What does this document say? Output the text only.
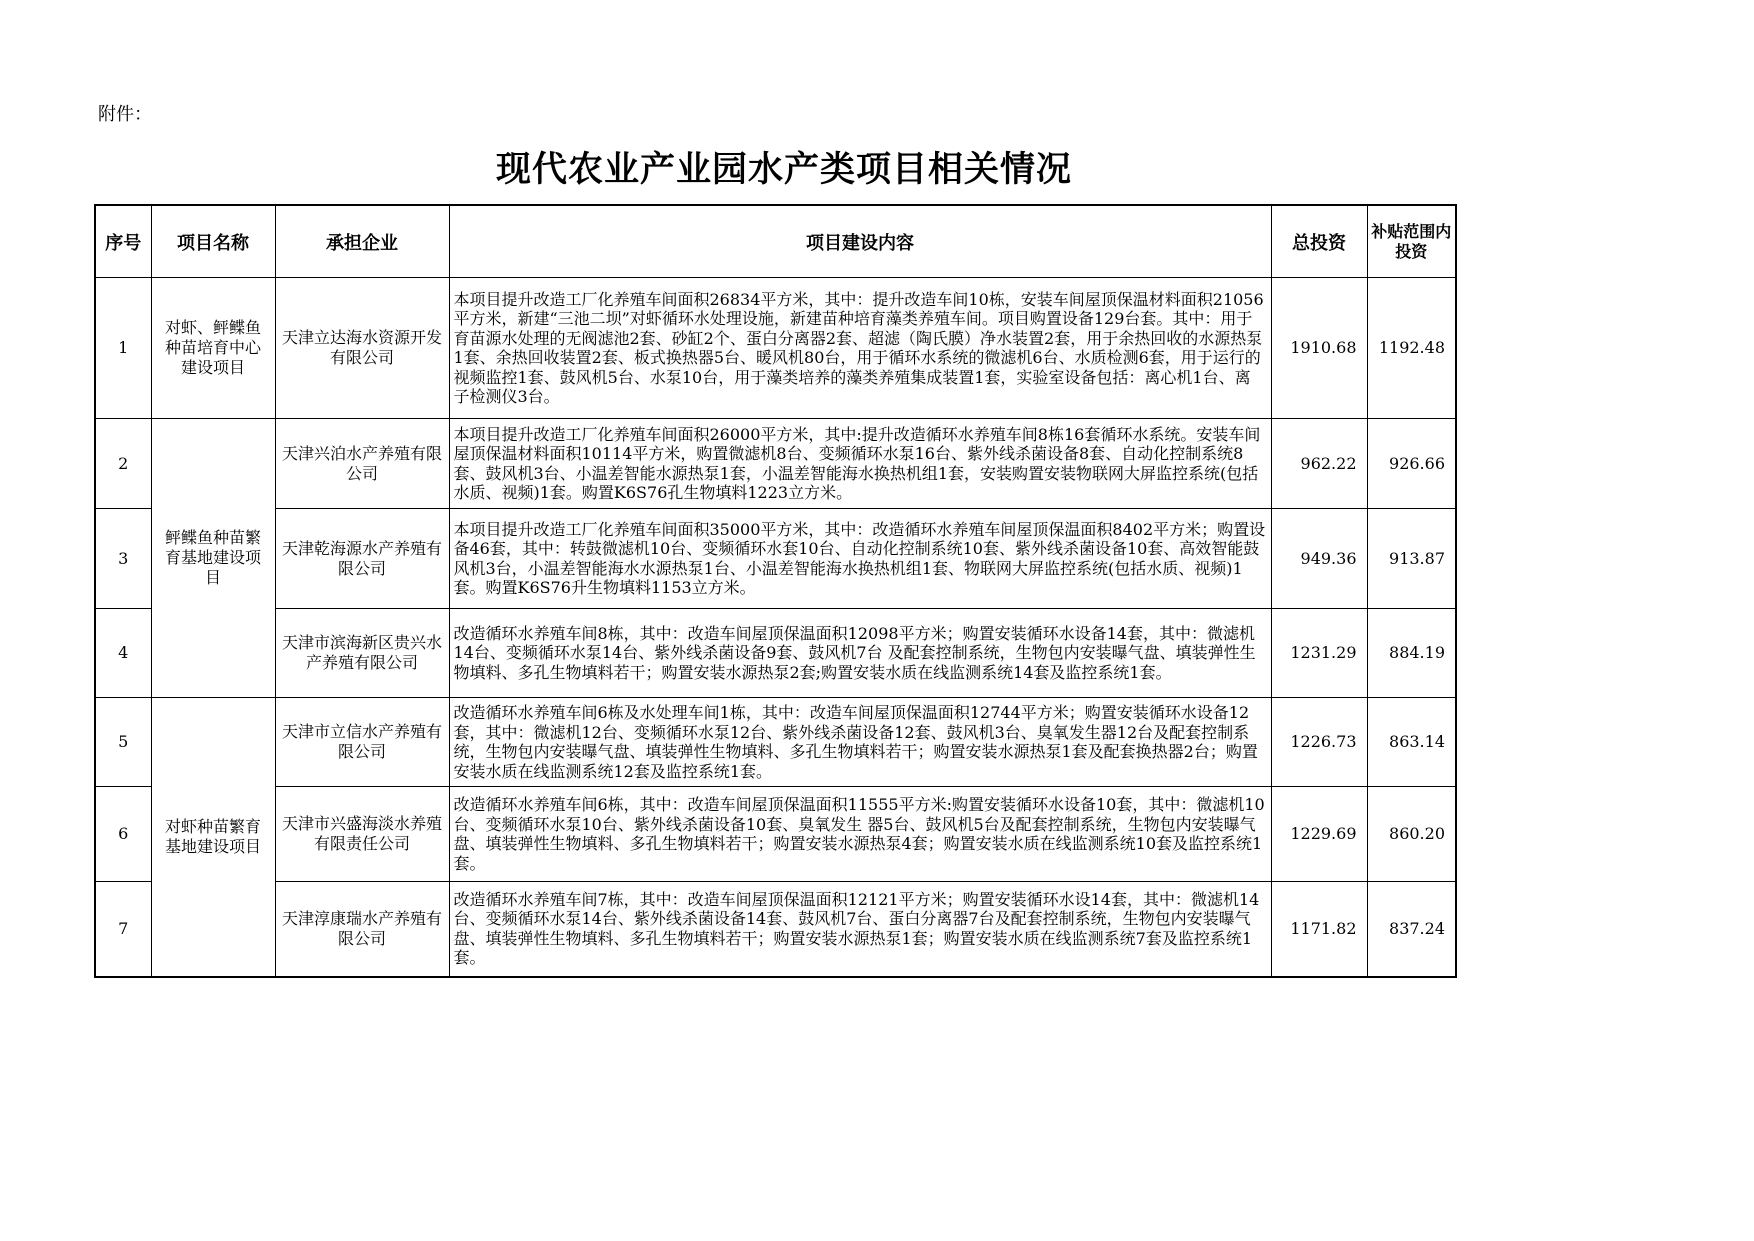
附件：
现代农业产业园水产类项目相关情况
序号	项目名称	承担企业	项目建设内容	总投资	补贴范围内投资
1	对虾、鲆鲽鱼种苗培育中心建设项目	天津立达海水资源开发有限公司	本项目提升改造工厂化养殖车间面积26834平方米，其中：提升改造车间10栋，安装车间屋顶保温材料面积21056平方米，新建“三池二坝”对虾循环水处理设施，新建苗种培育藻类养殖车间。项目购置设备129台套。其中：用于育苗源水处理的无阀滤池2套、砂缸2个、蛋白分离器2套、超滤（陶氏膜）净水装置2套，用于余热回收的水源热泵1套、余热回收装置2套、板式换热器5台、暖风机80台，用于循环水系统的微滤机6台、水质检测6套，用于运行的视频监控1套、鼓风机5台、水泵10台，用于藻类培养的藻类养殖集成装置1套，实验室设备包括：离心机1台、离子检测仪3台。	1910.68	1192.48
2	鲆鲽鱼种苗繁育基地建设项目	天津兴泊水产养殖有限公司	本项目提升改造工厂化养殖车间面积26000平方米，其中:提升改造循环水养殖车间8栋16套循环水系统。安装车间屋顶保温材料面积10114平方米，购置微滤机8台、变频循环水泵16台、紫外线杀菌设备8套、自动化控制系统8套、鼓风机3台、小温差智能水源热泵1套，小温差智能海水换热机组1套，安装购置安装物联网大屏监控系统(包括水质、视频)1套。购置K6S76孔生物填料1223立方米。	962.22	926.66
3		天津乾海源水产养殖有限公司	本项目提升改造工厂化养殖车间面积35000平方米，其中：改造循环水养殖车间屋顶保温面积8402平方米；购置设备46套，其中：转鼓微滤机10台、变频循环水套10台、自动化控制系统10套、紫外线杀菌设备10套、高效智能鼓风机3台，小温差智能海水水源热泵1台、小温差智能海水换热机组1套、物联网大屏监控系统(包括水质、视频)1套。购置K6S76升生物填料1153立方米。	949.36	913.87
4		天津市滨海新区贵兴水产养殖有限公司	改造循环水养殖车间8栋，其中：改造车间屋顶保温面积12098平方米；购置安装循环水设备14套，其中：微滤机14台、变频循环水泵14台、紫外线杀菌设备9套、鼓风机7台 及配套控制系统，生物包内安装曝气盘、填装弹性生物填料、多孔生物填料若干；购置安装水源热泵2套;购置安装水质在线监测系统14套及监控系统1套。	1231.29	884.19
5	对虾种苗繁育基地建设项目	天津市立信水产养殖有限公司	改造循环水养殖车间6栋及水处理车间1栋，其中：改造车间屋顶保温面积12744平方米；购置安装循环水设备12套，其中：微滤机12台、变频循环水泵12台、紫外线杀菌设备12套、鼓风机3台、臭氧发生器12台及配套控制系统，生物包内安装曝气盘、填装弹性生物填料、多孔生物填料若干；购置安装水源热泵1套及配套换热器2台；购置安装水质在线监测系统12套及监控系统1套。	1226.73	863.14
6		天津市兴盛海淡水养殖有限责任公司	改造循环水养殖车间6栋，其中：改造车间屋顶保温面积11555平方米:购置安装循环水设备10套，其中：微滤机10台、变频循环水泵10台、紫外线杀菌设备10套、臭氧发生 器5台、鼓风机5台及配套控制系统，生物包内安装曝气盘、填装弹性生物填料、多孔生物填料若干；购置安装水源热泵4套；购置安装水质在线监测系统10套及监控系统1套。	1229.69	860.20
7		天津淳康瑞水产养殖有限公司	改造循环水养殖车间7栋，其中：改造车间屋顶保温面积12121平方米；购置安装循环水设14套，其中：微滤机14台、变频循环水泵14台、紫外线杀菌设备14套、鼓风机7台、蛋白分离器7台及配套控制系统，生物包内安装曝气盘、填装弹性生物填料、多孔生物填料若干；购置安装水源热泵1套；购置安装水质在线监测系统7套及监控系统1套。	1171.82	837.24
